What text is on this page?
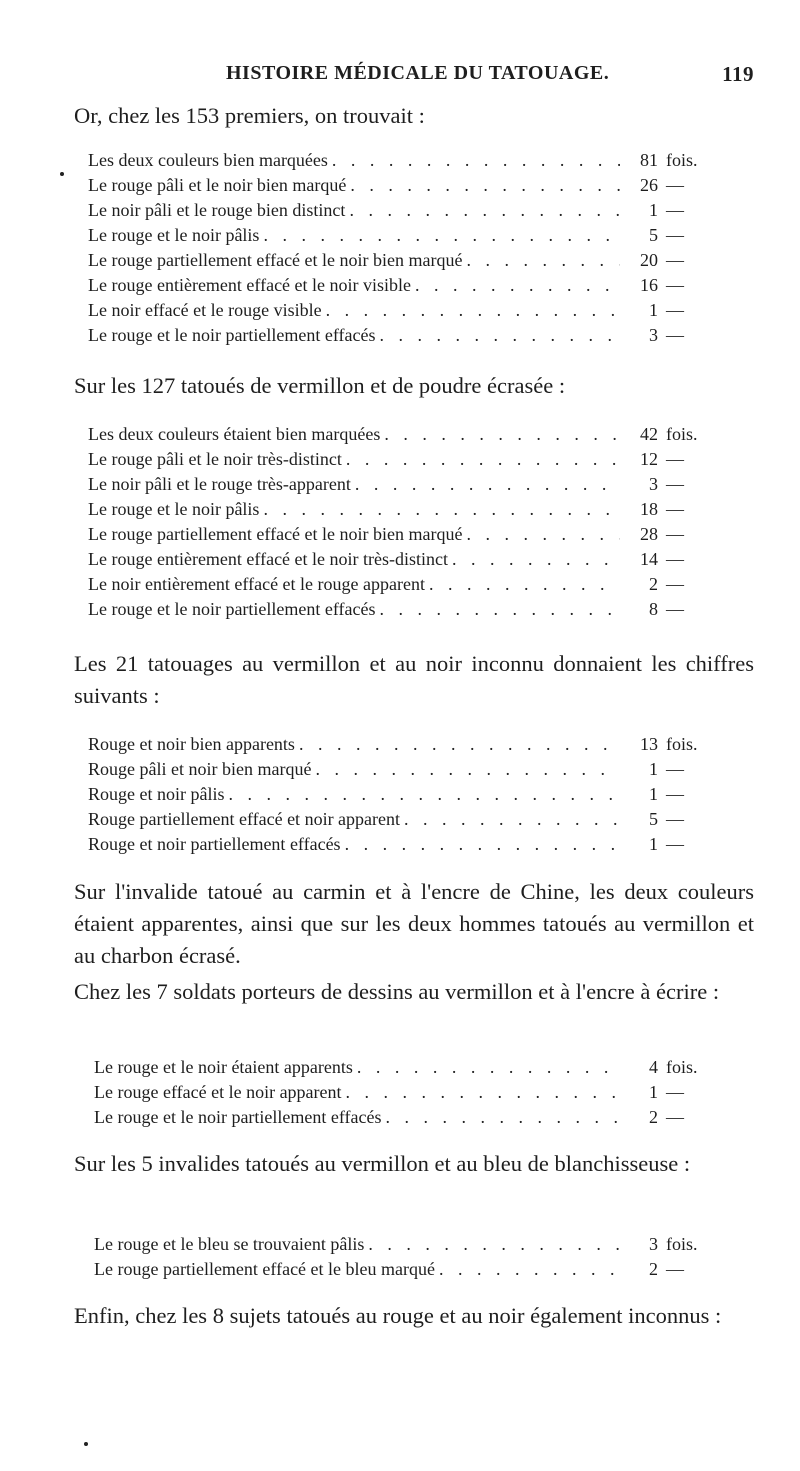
HISTOIRE MÉDICALE DU TATOUAGE.	119
Or, chez les 153 premiers, on trouvait :
Les deux couleurs bien marquées . . .	81 fois.
Le rouge pâli et le noir bien marqué . . .	26 —
Le noir pâli et le rouge bien distinct . . .	1 —
Le rouge et le noir pâlis . . .	5 —
Le rouge partiellement effacé et le noir bien marqué . . .	20 —
Le rouge entièrement effacé et le noir visible . . .	16 —
Le noir effacé et le rouge visible . . .	1 —
Le rouge et le noir partiellement effacés . . .	3 —
Sur les 127 tatoués de vermillon et de poudre écrasée :
Les deux couleurs étaient bien marquées . . .	42 fois.
Le rouge pâli et le noir très-distinct . . .	12 —
Le noir pâli et le rouge très-apparent . . .	3 —
Le rouge et le noir pâlis . . .	18 —
Le rouge partiellement effacé et le noir bien marqué . . .	28 —
Le rouge entièrement effacé et le noir très-distinct . . .	14 —
Le noir entièrement effacé et le rouge apparent . . .	2 —
Le rouge et le noir partiellement effacés . . .	8 —
Les 21 tatouages au vermillon et au noir inconnu donnaient les chiffres suivants :
Rouge et noir bien apparents . . .	13 fois.
Rouge pâli et noir bien marqué . . .	1 —
Rouge et noir pâlis . . .	1 —
Rouge partiellement effacé et noir apparent . . .	5 —
Rouge et noir partiellement effacés . . .	1 —
Sur l'invalide tatoué au carmin et à l'encre de Chine, les deux couleurs étaient apparentes, ainsi que sur les deux hommes tatoués au vermillon et au charbon écrasé.
Chez les 7 soldats porteurs de dessins au vermillon et à l'encre à écrire :
Le rouge et le noir étaient apparents . . .	4 fois.
Le rouge effacé et le noir apparent . . .	1 —
Le rouge et le noir partiellement effacés . . .	2 —
Sur les 5 invalides tatoués au vermillon et au bleu de blanchisseuse :
Le rouge et le bleu se trouvaient pâlis . . .	3 fois.
Le rouge partiellement effacé et le bleu marqué . . .	2 —
Enfin, chez les 8 sujets tatoués au rouge et au noir également inconnus :
